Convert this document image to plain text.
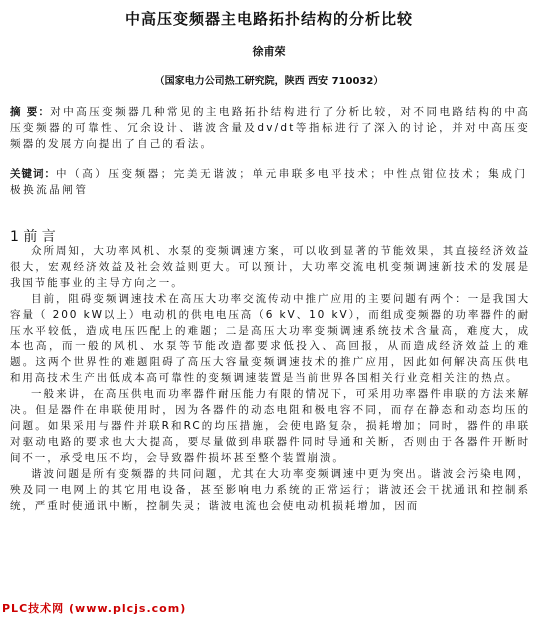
中高压变频器主电路拓扑结构的分析比较
徐甫荣
（国家电力公司热工研究院，陕西 西安 710032）
摘 要：对中高压变频器几种常见的主电路拓扑结构进行了分析比较，对不同电路结构的中高压变频器的可靠性、冗余设计、谐波含量及dv/dt等指标进行了深入的讨论，并对中高压变频器的发展方向提出了自己的看法。
关键词：中（高）压变频器；完美无谐波；单元串联多电平技术；中性点钳位技术；集成门极换流晶闸管
1 前 言

众所周知，大功率风机、水泵的变频调速方案，可以收到显著的节能效果，其直接经济效益很大，宏观经济效益及社会效益则更大。可以预计，大功率交流电机变频调速新技术的发展是我国节能事业的主导方向之一。

目前，阻碍变频调速技术在高压大功率交流传动中推广应用的主要问题有两个：一是我国大容量（ 200 kW以上）电动机的供电电压高（6 kV、10 kV），而组成变频器的功率器件的耐压水平较低，造成电压匹配上的难题；二是高压大功率变频调速系统技术含量高，难度大，成本也高，而一般的风机、水泵等节能改造都要求低投入、高回报，从而造成经济效益上的难题。这两个世界性的难题阻碍了高压大容量变频调速技术的推广应用，因此如何解决高压供电和用高技术生产出低成本高可靠性的变频调速装置是当前世界各国相关行业竞相关注的热点。

一般来讲，在高压供电而功率器件耐压能力有限的情况下，可采用功率器件串联的方法来解决。但是器件在串联使用时，因为各器件的动态电阻和极电容不同，而存在静态和动态均压的问题。如果采用与器件并联R和RC的均压措施，会使电路复杂，损耗增加；同时，器件的串联对驱动电路的要求也大大提高，要尽量做到串联器件同时导通和关断，否则由于各器件开断时间不一，承受电压不均，会导致器件损坏甚至整个装置崩溃。

谐波问题是所有变频器的共同问题，尤其在大功率变频调速中更为突出。谐波会污染电网，殃及同一电网上的其它用电设备，甚至影响电力系统的正常运行；谐波还会干扰通讯和控制系统，严重时使通讯中断，控制失灵；谐波电流也会使电动机损耗增加，因而

PLC技术网 (www.plcjs.com)
